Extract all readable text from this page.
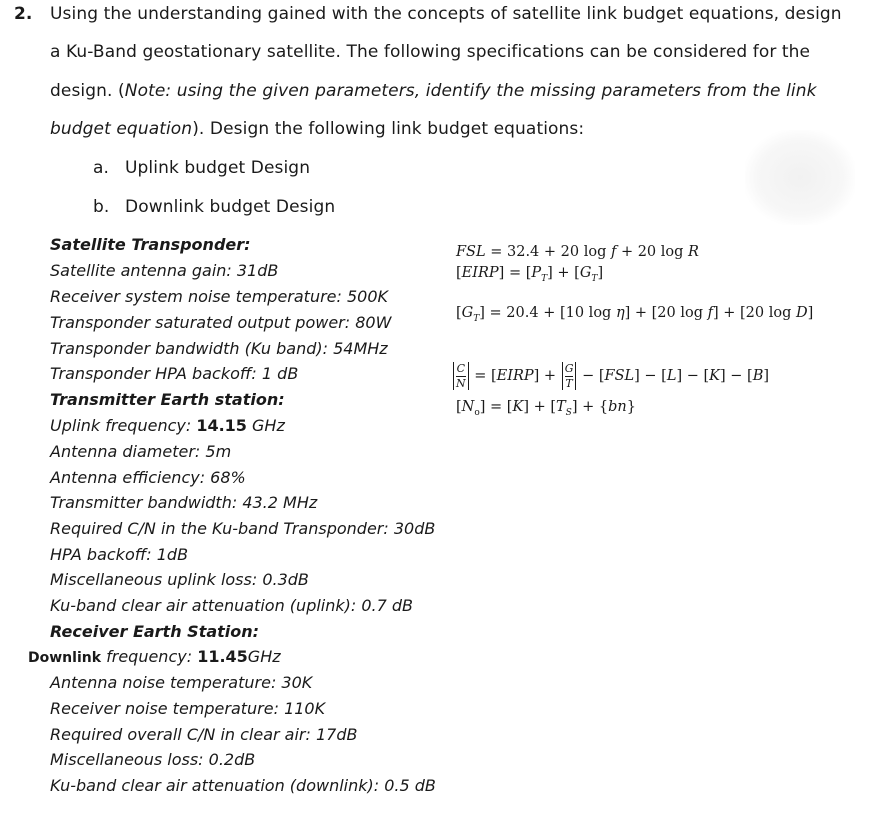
2. Using the understanding gained with the concepts of satellite link budget equations, design
a Ku-Band geostationary satellite. The following specifications can be considered for the
design. (Note: using the given parameters, identify the missing parameters from the link
budget equation). Design the following link budget equations:
a. Uplink budget Design
b. Downlink budget Design
Satellite Transponder:
Satellite antenna gain: 31dB
Receiver system noise temperature: 500K
Transponder saturated output power: 80W
Transponder bandwidth (Ku band): 54MHz
Transponder HPA backoff: 1 dB
Transmitter Earth station:
Uplink frequency: 14.15 GHz
Antenna diameter: 5m
Antenna efficiency: 68%
Transmitter bandwidth: 43.2 MHz
Required C/N in the Ku-band Transponder: 30dB
HPA backoff: 1dB
Miscellaneous uplink loss: 0.3dB
Ku-band clear air attenuation (uplink): 0.7 dB
Receiver Earth Station:
Downlink frequency: 11.45GHz
Antenna noise temperature: 30K
Receiver noise temperature: 110K
Required overall C/N in clear air: 17dB
Miscellaneous loss: 0.2dB
Ku-band clear air attenuation (downlink): 0.5 dB
FSL = 32.4 + 20 log f + 20 log R
[EIRP] = $[P_T] + [G_T]$
$[G_T] = 20.4 + [10$ log η] + [20 log f] + [20 log D]
$\frac{C}{N}$ = [EIRP] + $\frac{G}{T} - [FSL] - [L] - [K] - [B]$
$[N_o] = [K] + [T_S] + \{bn\}$
